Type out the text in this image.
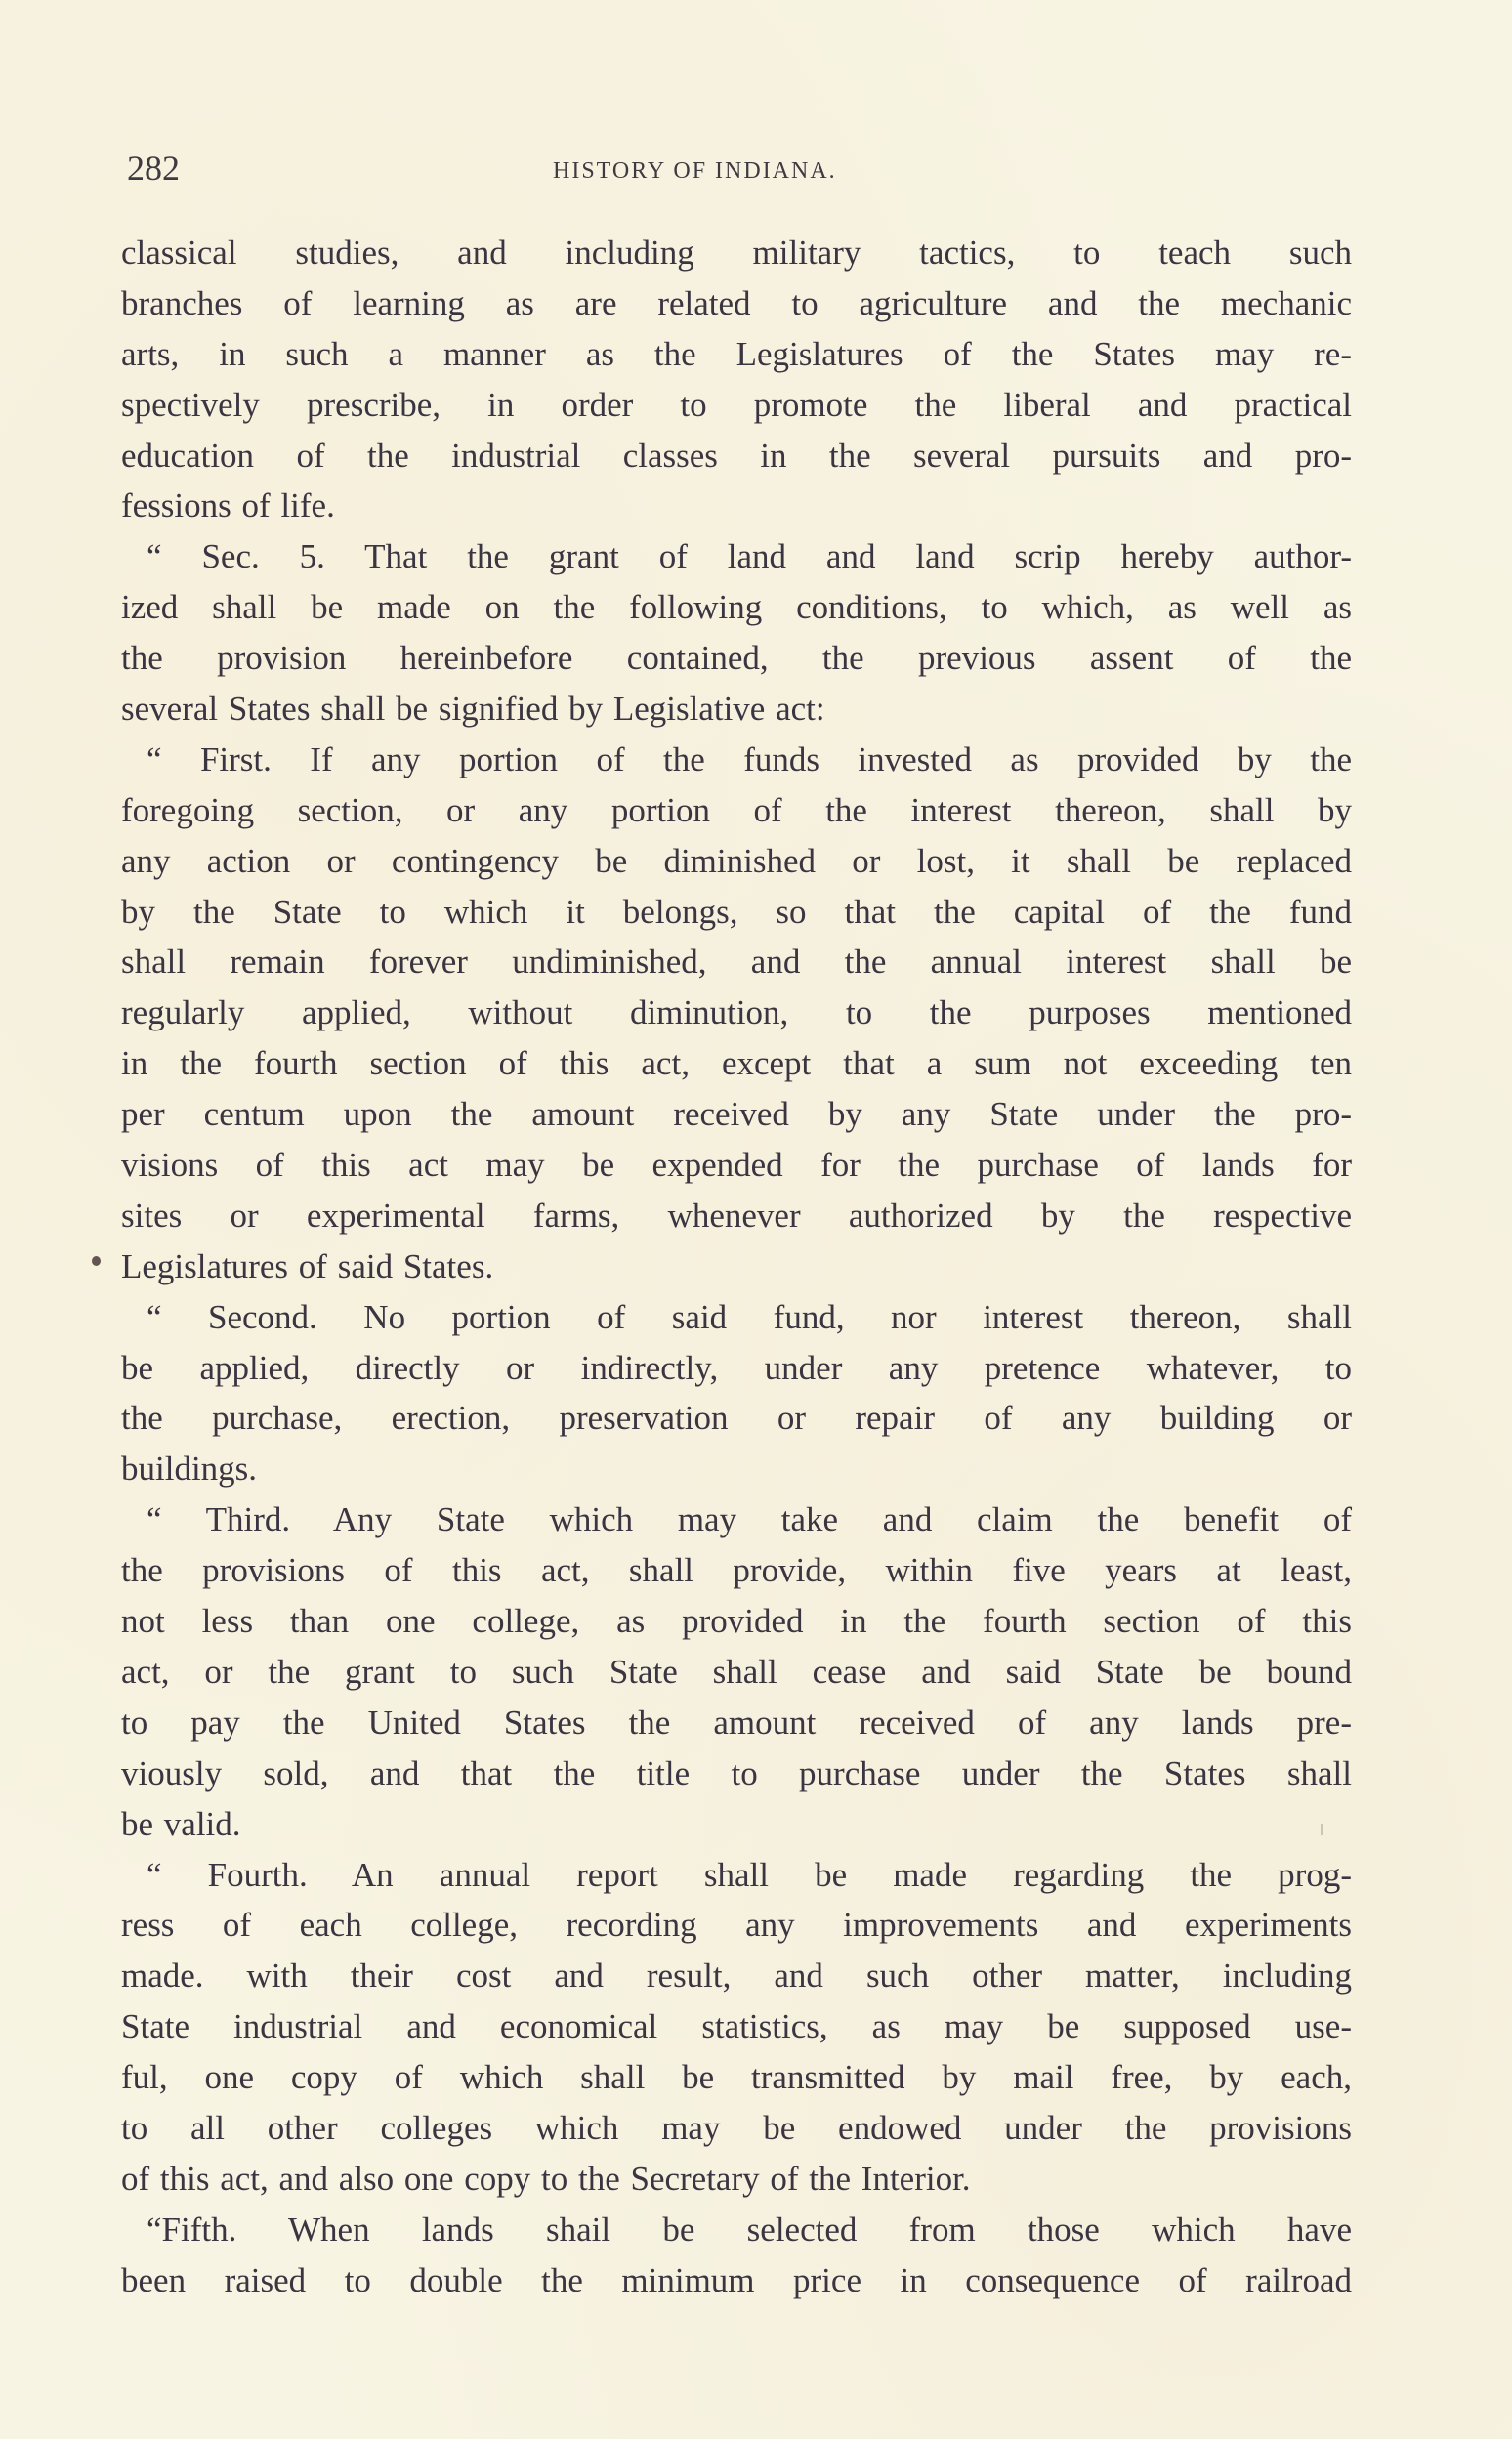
282	HISTORY OF INDIANA.
classical studies, and including military tactics, to teach such
branches of learning as are related to agriculture and the mechanic
arts, in such a manner as the Legislatures of the States may re-
spectively prescribe, in order to promote the liberal and practical
education of the industrial classes in the several pursuits and pro-
fessions of life.
“ Sec. 5. That the grant of land and land scrip hereby author-
ized shall be made on the following conditions, to which, as well as
the provision hereinbefore contained, the previous assent of the
several States shall be signified by Legislative act:
“ First. If any portion of the funds invested as provided by the
foregoing section, or any portion of the interest thereon, shall by
any action or contingency be diminished or lost, it shall be replaced
by the State to which it belongs, so that the capital of the fund
shall remain forever undiminished, and the annual interest shall be
regularly applied, without diminution, to the purposes mentioned
in the fourth section of this act, except that a sum not exceeding ten
per centum upon the amount received by any State under the pro-
visions of this act may be expended for the purchase of lands for
sites or experimental farms, whenever authorized by the respective
Legislatures of said States.
“ Second. No portion of said fund, nor interest thereon, shall
be applied, directly or indirectly, under any pretence whatever, to
the purchase, erection, preservation or repair of any building or
buildings.
“ Third. Any State which may take and claim the benefit of
the provisions of this act, shall provide, within five years at least,
not less than one college, as provided in the fourth section of this
act, or the grant to such State shall cease and said State be bound
to pay the United States the amount received of any lands pre-
viously sold, and that the title to purchase under the States shall
be valid.
“ Fourth. An annual report shall be made regarding the prog-
ress of each college, recording any improvements and experiments
made. with their cost and result, and such other matter, including
State industrial and economical statistics, as may be supposed use-
ful, one copy of which shall be transmitted by mail free, by each,
to all other colleges which may be endowed under the provisions
of this act, and also one copy to the Secretary of the Interior.
“Fifth. When lands shail be selected from those which have
been raised to double the minimum price in consequence of railroad
